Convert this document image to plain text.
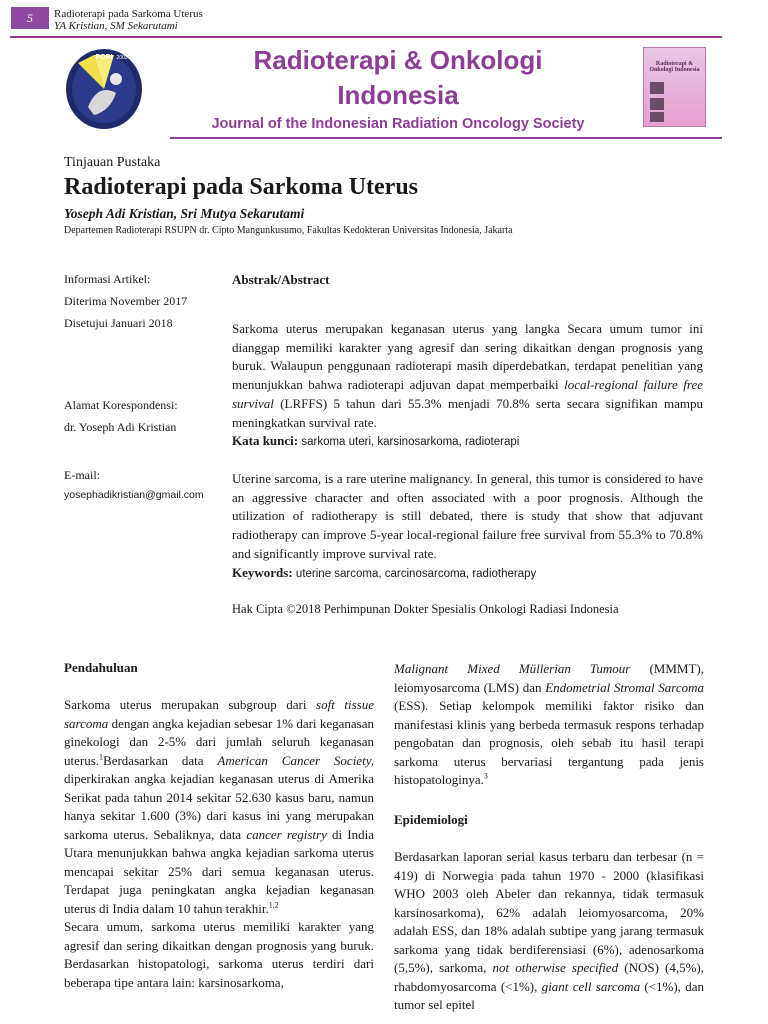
5	Radioterapi pada Sarkoma Uterus
YA Kristian, SM Sekarutami
PORI 2003	Radioterapi & Onkologi
Indonesia
Journal of the Indonesian Radiation Oncology Society
Radioterapi & Onkologi Indonesia
Tinjauan Pustaka
Radioterapi pada Sarkoma Uterus
Yoseph Adi Kristian, Sri Mutya Sekarutami
Departemen Radioterapi RSUPN dr. Cipto Mangunkusumo, Fakultas Kedokteran Universitas Indonesia, Jakarta
Informasi Artikel:
Diterima November 2017
Disetujui Januari 2018
Alamat Korespondensi:
dr. Yoseph Adi Kristian
E-mail:
yosephadikristian@gmail.com
Abstrak/Abstract
Sarkoma uterus merupakan keganasan uterus yang langka Secara umum tumor ini dianggap memiliki karakter yang agresif dan sering dikaitkan dengan prognosis yang buruk. Walaupun penggunaan radioterapi masih diperdebatkan, terdapat penelitian yang menunjukkan bahwa radioterapi adjuvan dapat memperbaiki local-regional failure free survival (LRFFS) 5 tahun dari 55.3% menjadi 70.8% serta secara signifikan mampu meningkatkan survival rate.
Kata kunci: sarkoma uteri, karsinosarkoma, radioterapi
Uterine sarcoma, is a rare uterine malignancy. In general, this tumor is considered to have an aggressive character and often associated with a poor prognosis. Although the utilization of radiotherapy is still debated, there is study that show that adjuvant radiotherapy can improve 5-year local-regional failure free survival from 55.3% to 70.8% and significantly improve survival rate.
Keywords: uterine sarcoma, carcinosarcoma, radiotherapy
Hak Cipta ©2018 Perhimpunan Dokter Spesialis Onkologi Radiasi Indonesia
Pendahuluan

Sarkoma uterus merupakan subgroup dari soft tissue sarcoma dengan angka kejadian sebesar 1% dari keganasan ginekologi dan 2-5% dari jumlah seluruh keganasan uterus.$^1$Berdasarkan data American Cancer Society, diperkirakan angka kejadian keganasan uterus di Amerika Serikat pada tahun 2014 sekitar 52.630 kasus baru, namun hanya sekitar 1.600 (3%) dari kasus ini yang merupakan sarkoma uterus. Sebaliknya, data cancer registry di India Utara menunjukkan bahwa angka kejadian sarkoma uterus mencapai sekitar 25% dari semua keganasan uterus. Terdapat juga peningkatan angka kejadian keganasan uterus di India dalam 10 tahun terakhir.$^{1,2}$

Secara umum, sarkoma uterus memiliki karakter yang agresif dan sering dikaitkan dengan prognosis yang buruk. Berdasarkan histopatologi, sarkoma uterus terdiri dari beberapa tipe antara lain: karsinosarkoma,

Malignant Mixed Müllerian Tumour (MMMT), leiomyosarcoma (LMS) dan Endometrial Stromal Sarcoma (ESS). Setiap kelompok memiliki faktor risiko dan manifestasi klinis yang berbeda termasuk respons terhadap pengobatan dan prognosis, oleh sebab itu hasil terapi sarkoma uterus bervariasi tergantung pada jenis histopatologinya.$^3$

Epidemiologi

Berdasarkan laporan serial kasus terbaru dan terbesar (n = 419) di Norwegia pada tahun 1970 - 2000 (klasifikasi WHO 2003 oleh Abeler dan rekannya, tidak termasuk karsinosarkoma), 62% adalah leiomyosarcoma, 20% adalah ESS, dan 18% adalah subtipe yang jarang termasuk sarkoma yang tidak berdiferensiasi (6%), adenosarkoma (5,5%), sarkoma, not otherwise specified (NOS) (4,5%), rhabdomyosarcoma (<1%), giant cell sarcoma (<1%), dan tumor sel epitel
